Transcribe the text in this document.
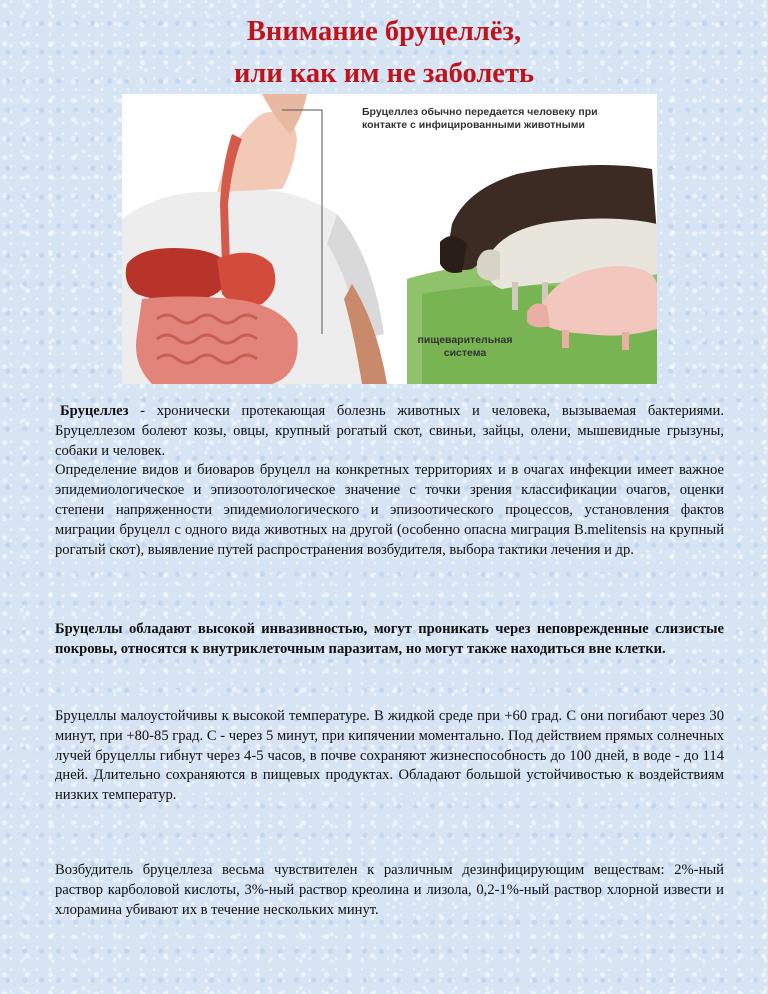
Внимание бруцеллёз,
или как им не заболеть
Бруцеллез обычно передается человеку при контакте с инфицированными животными
пищеварительная система

Бруцеллез - хронически протекающая болезнь животных и человека, вызываемая бактериями. Бруцеллезом болеют козы, овцы, крупный рогатый скот, свиньи, зайцы, олени, мышевидные грызуны, собаки и человек.

Определение видов и биоваров бруцелл на конкретных территориях и в очагах инфекции имеет важное эпидемиологическое и эпизоотологическое значение с точки зрения классификации очагов, оценки степени напряженности эпидемиологического и эпизоотического процессов, установления фактов миграции бруцелл с одного вида животных на другой (особенно опасна миграция B.melitensis на крупный рогатый скот), выявление путей распространения возбудителя, выбора тактики лечения и др.

Бруцеллы обладают высокой инвазивностью, могут проникать через неповрежденные слизистые покровы, относятся к внутриклеточным паразитам, но могут также находиться вне клетки.
Бруцеллы малоустойчивы к высокой температуре. В жидкой среде при +60 град. С они погибают через 30 минут, при +80-85 град. С - через 5 минут, при кипячении моментально. Под действием прямых солнечных лучей бруцеллы гибнут через 4-5 часов, в почве сохраняют жизнеспособность до 100 дней, в воде - до 114 дней. Длительно сохраняются в пищевых продуктах. Обладают большой устойчивостью к воздействиям низких температур.
Возбудитель бруцеллеза весьма чувствителен к различным дезинфицирующим веществам: 2%-ный раствор карболовой кислоты, 3%-ный раствор креолина и лизола, 0,2-1%-ный раствор хлорной извести и хлорамина убивают их в течение нескольких минут.
